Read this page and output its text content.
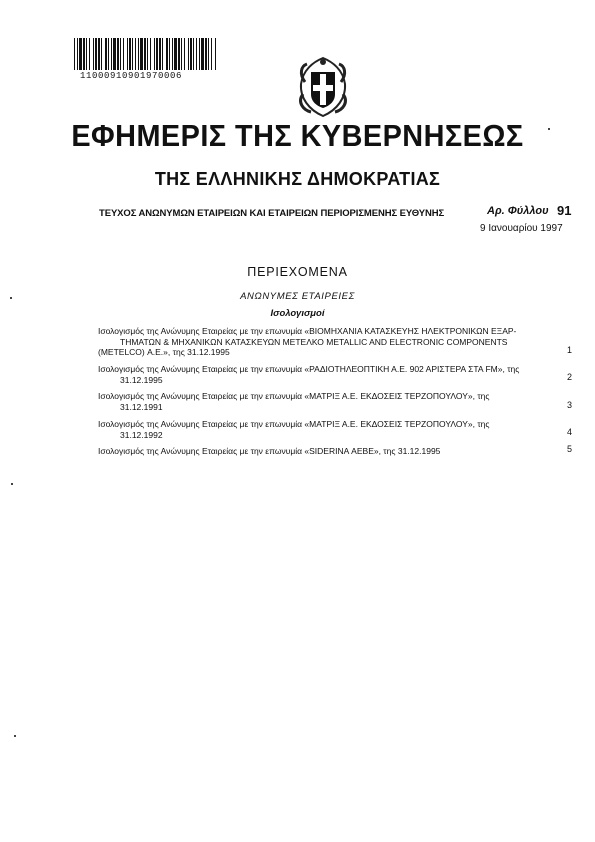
11000910901970006
ΕΦΗΜΕΡΙΣ ΤΗΣ ΚΥΒΕΡΝΗΣΕΩΣ
ΤΗΣ ΕΛΛΗΝΙΚΗΣ ΔΗΜΟΚΡΑΤΙΑΣ
ΤΕΥΧΟΣ ΑΝΩΝΥΜΩΝ ΕΤΑΙΡΕΙΩΝ ΚΑΙ ΕΤΑΙΡΕΙΩΝ ΠΕΡΙΟΡΙΣΜΕΝΗΣ ΕΥΘΥΝΗΣ	Αρ. Φύλλου 91
9 Ιανουαρίου 1997
ΠΕΡΙΕΧΟΜΕΝΑ
ΑΝΩΝΥΜΕΣ ΕΤΑΙΡΕΙΕΣ
Ισολογισμοί
Ισολογισμός της Ανώνυμης Εταιρείας με την επωνυμία «ΒΙΟΜΗΧΑΝΙΑ ΚΑΤΑΣΚΕΥΗΣ ΗΛΕΚΤΡΟΝΙΚΩΝ ΕΞΑΡ-
ΤΗΜΑΤΩΝ & ΜΗΧΑΝΙΚΩΝ ΚΑΤΑΣΚΕΥΩΝ ΜΕΤΕΛΚΟ METALLIC AND ELECTRONIC COMPONENTS
(METELCO) Α.Ε.», της 31.12.1995	1
Ισολογισμός της Ανώνυμης Εταιρείας με την επωνυμία «ΡΑΔΙΟΤΗΛΕΟΠΤΙΚΗ Α.Ε. 902 ΑΡΙΣΤΕΡΑ ΣΤΑ FM», της
31.12.1995	2
Ισολογισμός της Ανώνυμης Εταιρείας με την επωνυμία «ΜΑΤΡΙΞ Α.Ε. ΕΚΔΟΣΕΙΣ ΤΕΡΖΟΠΟΥΛΟΥ», της
31.12.1991	3
Ισολογισμός της Ανώνυμης Εταιρείας με την επωνυμία «ΜΑΤΡΙΞ Α.Ε. ΕΚΔΟΣΕΙΣ ΤΕΡΖΟΠΟΥΛΟΥ», της
31.12.1992	4
Ισολογισμός της Ανώνυμης Εταιρείας με την επωνυμία «SIDERINA ΑΕΒΕ», της 31.12.1995	5
